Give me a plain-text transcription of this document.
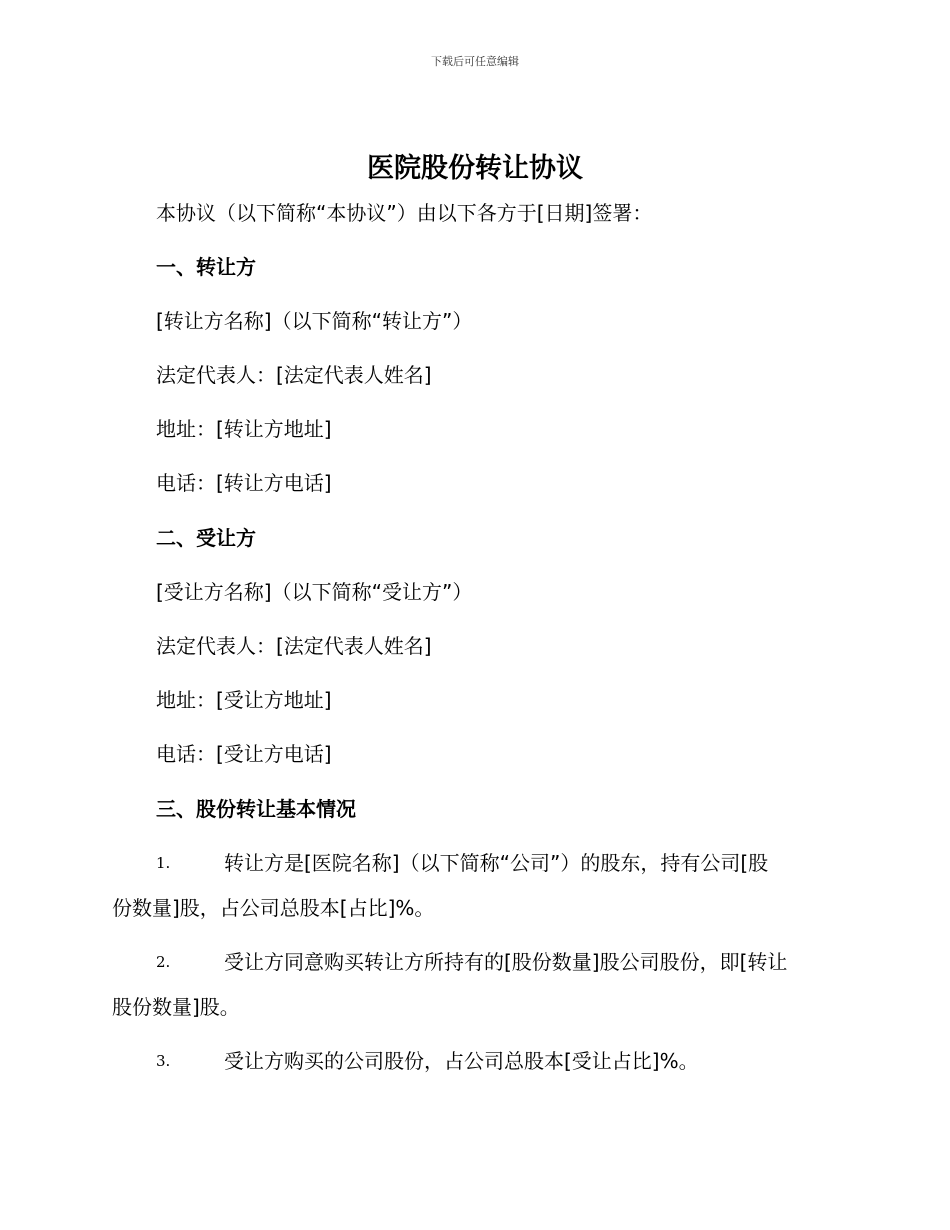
下载后可任意编辑
医院股份转让协议
本协议（以下简称“本协议”）由以下各方于[日期]签署：
一、转让方
[转让方名称]（以下简称“转让方”）
法定代表人：[法定代表人姓名]
地址：[转让方地址]
电话：[转让方电话]
二、受让方
[受让方名称]（以下简称“受让方”）
法定代表人：[法定代表人姓名]
地址：[受让方地址]
电话：[受让方电话]
三、股份转让基本情况
1.	转让方是[医院名称]（以下简称“公司”）的股东，持有公司[股
份数量]股，占公司总股本[占比]%。
2.	受让方同意购买转让方所持有的[股份数量]股公司股份，即[转让
股份数量]股。
3.	受让方购买的公司股份，占公司总股本[受让占比]%。
